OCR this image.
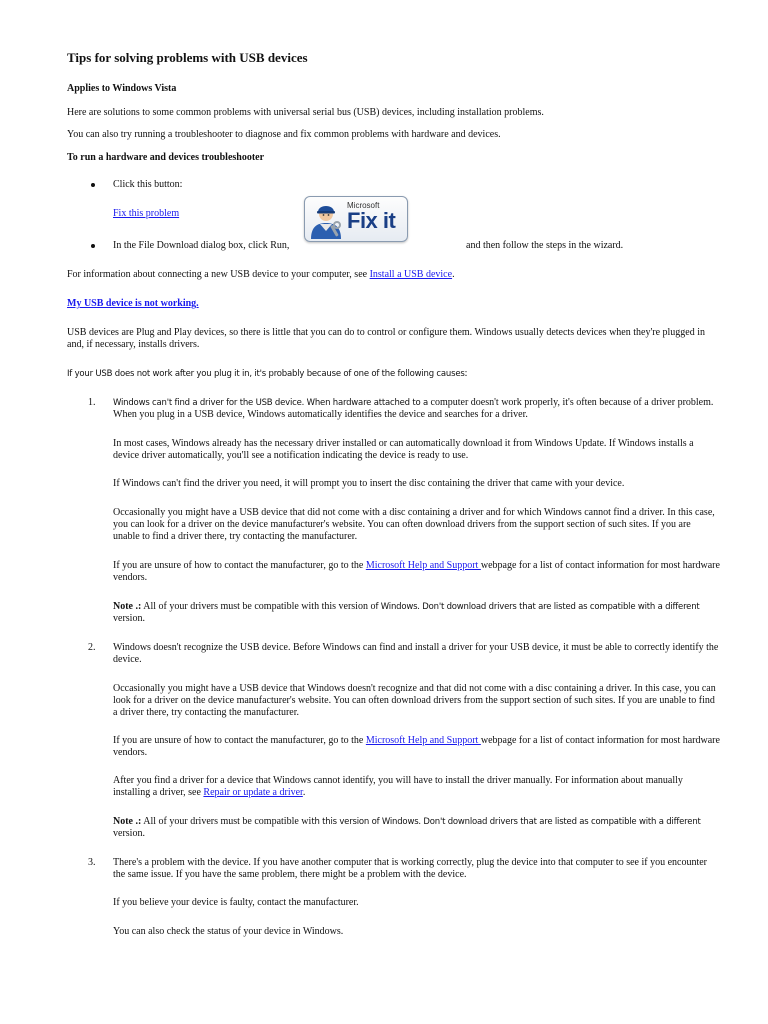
Tips for solving problems with USB devices
Applies to Windows Vista
Here are solutions to some common problems with universal serial bus (USB) devices, including installation problems.
You can also try running a troubleshooter to diagnose and fix common problems with hardware and devices.
To run a hardware and devices troubleshooter
Click this button:
Fix this problem
Microsoft
Fix it
In the File Download dialog box, click Run,	and then follow the steps in the wizard.
For information about connecting a new USB device to your computer, see Install a USB device.
My USB device is not working.
USB devices are Plug and Play devices, so there is little that you can do to control or configure them. Windows usually detects devices when they're plugged in
and, if necessary, installs drivers.
If your USB does not work after you plug it in, it's probably because of one of the following causes:
1. Windows can't find a driver for the USB device. When hardware attached to a computer doesn't work properly, it's often because of a driver problem.
When you plug in a USB device, Windows automatically identifies the device and searches for a driver.
In most cases, Windows already has the necessary driver installed or can automatically download it from Windows Update. If Windows installs a
device driver automatically, you'll see a notification indicating the device is ready to use.
If Windows can't find the driver you need, it will prompt you to insert the disc containing the driver that came with your device.
Occasionally you might have a USB device that did not come with a disc containing a driver and for which Windows cannot find a driver. In this case,
you can look for a driver on the device manufacturer's website. You can often download drivers from the support section of such sites. If you are
unable to find a driver there, try contacting the manufacturer.
If you are unsure of how to contact the manufacturer, go to the Microsoft Help and Support webpage for a list of contact information for most hardware
vendors.
Note .: All of your drivers must be compatible with this version of Windows. Don't download drivers that are listed as compatible with a different
version.
2. Windows doesn't recognize the USB device. Before Windows can find and install a driver for your USB device, it must be able to correctly identify the
device.
Occasionally you might have a USB device that Windows doesn't recognize and that did not come with a disc containing a driver. In this case, you can
look for a driver on the device manufacturer's website. You can often download drivers from the support section of such sites. If you are unable to find
a driver there, try contacting the manufacturer.
If you are unsure of how to contact the manufacturer, go to the Microsoft Help and Support webpage for a list of contact information for most hardware
vendors.
After you find a driver for a device that Windows cannot identify, you will have to install the driver manually. For information about manually
installing a driver, see Repair or update a driver.
Note .: All of your drivers must be compatible with this version of Windows. Don't download drivers that are listed as compatible with a different
version.
3. There's a problem with the device. If you have another computer that is working correctly, plug the device into that computer to see if you encounter
the same issue. If you have the same problem, there might be a problem with the device.
If you believe your device is faulty, contact the manufacturer.
You can also check the status of your device in Windows.
